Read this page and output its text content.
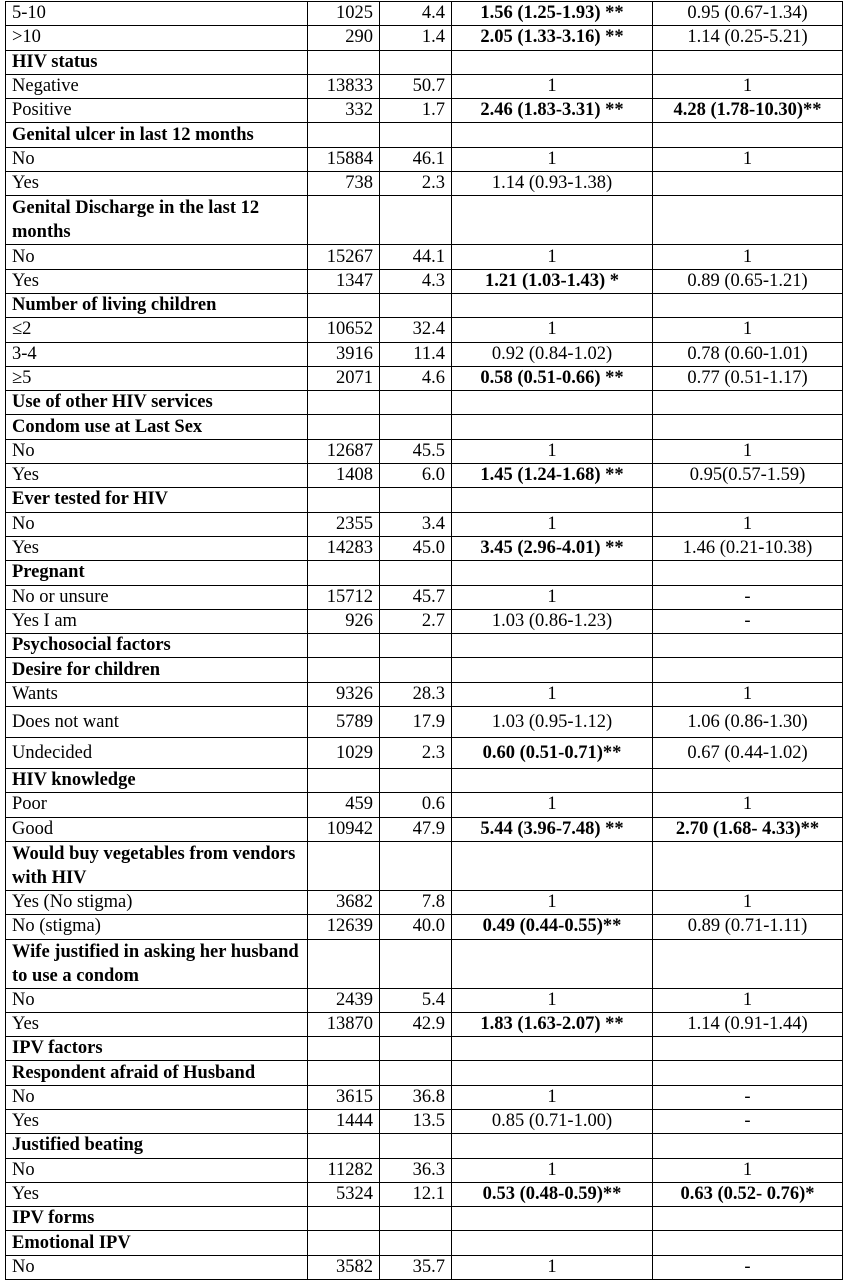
5-10	1025	4.4	1.56 (1.25-1.93) **	0.95 (0.67-1.34)
>10	290	1.4	2.05 (1.33-3.16) **	1.14 (0.25-5.21)
HIV status				
Negative	13833	50.7	1	1
Positive	332	1.7	2.46 (1.83-3.31) **	4.28 (1.78-10.30)**
Genital ulcer in last 12 months				
No	15884	46.1	1	1
Yes	738	2.3	1.14 (0.93-1.38)	
Genital Discharge in the last 12 months				
No	15267	44.1	1	1
Yes	1347	4.3	1.21 (1.03-1.43) *	0.89 (0.65-1.21)
Number of living children				
≤2	10652	32.4	1	1
3-4	3916	11.4	0.92 (0.84-1.02)	0.78 (0.60-1.01)
≥5	2071	4.6	0.58 (0.51-0.66) **	0.77 (0.51-1.17)
Use of other HIV services				
Condom use at Last Sex				
No	12687	45.5	1	1
Yes	1408	6.0	1.45 (1.24-1.68) **	0.95(0.57-1.59)
Ever tested for HIV				
No	2355	3.4	1	1
Yes	14283	45.0	3.45 (2.96-4.01) **	1.46 (0.21-10.38)
Pregnant				
No or unsure	15712	45.7	1	-
Yes I am	926	2.7	1.03 (0.86-1.23)	-
Psychosocial factors				
Desire for children				
Wants	9326	28.3	1	1
Does not want	5789	17.9	1.03 (0.95-1.12)	1.06 (0.86-1.30)
Undecided	1029	2.3	0.60 (0.51-0.71)**	0.67 (0.44-1.02)
HIV knowledge				
Poor	459	0.6	1	1
Good	10942	47.9	5.44 (3.96-7.48) **	2.70 (1.68- 4.33)**
Would buy vegetables from vendors with HIV				
Yes (No stigma)	3682	7.8	1	1
No (stigma)	12639	40.0	0.49 (0.44-0.55)**	0.89 (0.71-1.11)
Wife justified in asking her husband to use a condom				
No	2439	5.4	1	1
Yes	13870	42.9	1.83 (1.63-2.07) **	1.14 (0.91-1.44)
IPV factors				
Respondent afraid of Husband				
No	3615	36.8	1	-
Yes	1444	13.5	0.85 (0.71-1.00)	-
Justified beating				
No	11282	36.3	1	1
Yes	5324	12.1	0.53 (0.48-0.59)**	0.63 (0.52- 0.76)*
IPV forms				
Emotional IPV				
No	3582	35.7	1	-
